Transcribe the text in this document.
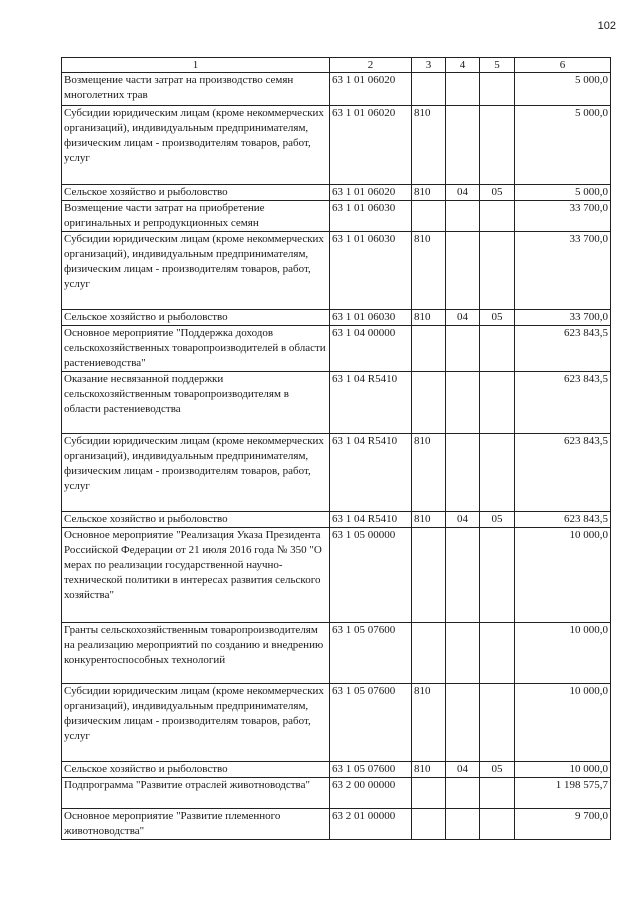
102
1	2	3	4	5	6
Возмещение части затрат на производство семян многолетних трав	63 1 01 06020				5 000,0
Субсидии юридическим лицам (кроме некоммерческих организаций), индивидуальным предпринимателям, физическим лицам - производителям товаров, работ, услуг	63 1 01 06020	810			5 000,0
Сельское хозяйство и рыболовство	63 1 01 06020	810	04	05	5 000,0
Возмещение части затрат на приобретение оригинальных и репродукционных семян	63 1 01 06030				33 700,0
Субсидии юридическим лицам (кроме некоммерческих организаций), индивидуальным предпринимателям, физическим лицам - производителям товаров, работ, услуг	63 1 01 06030	810			33 700,0
Сельское хозяйство и рыболовство	63 1 01 06030	810	04	05	33 700,0
Основное мероприятие "Поддержка доходов сельскохозяйственных товаропроизводителей в области растениеводства"	63 1 04 00000				623 843,5
Оказание несвязанной поддержки сельскохозяйственным товаропроизводителям в области растениеводства	63 1 04 R5410				623 843,5
Субсидии юридическим лицам (кроме некоммерческих организаций), индивидуальным предпринимателям, физическим лицам - производителям товаров, работ, услуг	63 1 04 R5410	810			623 843,5
Сельское хозяйство и рыболовство	63 1 04 R5410	810	04	05	623 843,5
Основное мероприятие "Реализация Указа Президента Российской Федерации от 21 июля 2016 года № 350 "О мерах по реализации государственной научно-технической политики в интересах развития сельского хозяйства"	63 1 05 00000				10 000,0
Гранты сельскохозяйственным товаропроизводителям на реализацию мероприятий по созданию и внедрению конкурентоспособных технологий	63 1 05 07600				10 000,0
Субсидии юридическим лицам (кроме некоммерческих организаций), индивидуальным предпринимателям, физическим лицам - производителям товаров, работ, услуг	63 1 05 07600	810			10 000,0
Сельское хозяйство и рыболовство	63 1 05 07600	810	04	05	10 000,0
Подпрограмма "Развитие отраслей животноводства"	63 2 00 00000				1 198 575,7
Основное мероприятие "Развитие племенного животноводства"	63 2 01 00000				9 700,0
